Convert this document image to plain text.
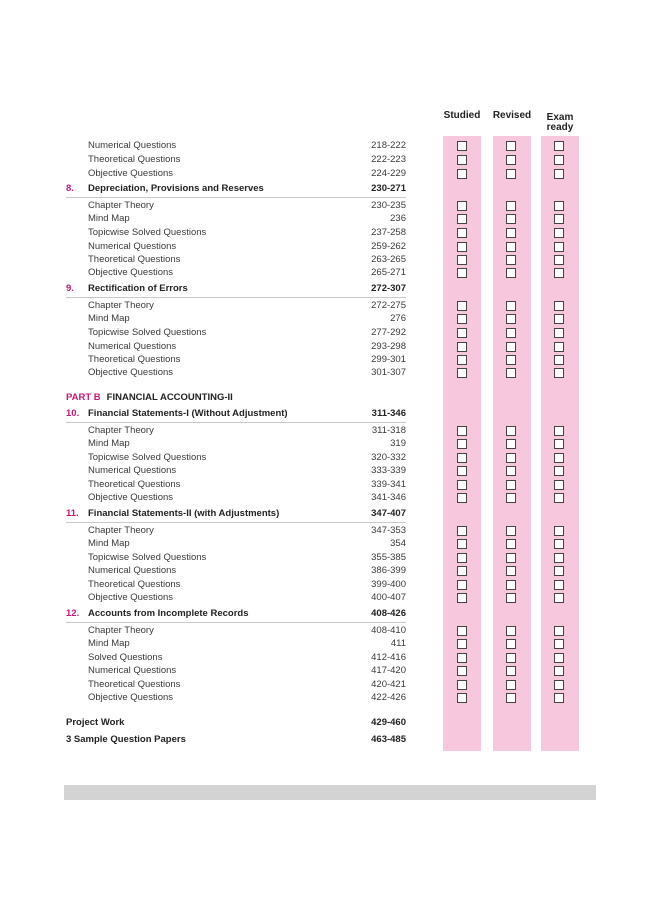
Studied Revised	Exam
ready
Numerical Questions	218-222
Theoretical Questions	222-223
Objective Questions	224-229
8. Depreciation, Provisions and Reserves	230-271
Chapter Theory	230-235
Mind Map	236
Topicwise Solved Questions	237-258
Numerical Questions	259-262
Theoretical Questions	263-265
Objective Questions	265-271
9. Rectification of Errors	272-307
Chapter Theory	272-275
Mind Map	276
Topicwise Solved Questions	277-292
Numerical Questions	293-298
Theoretical Questions	299-301
Objective Questions	301-307
PART B FINANCIAL ACCOUNTING-II
10. Financial Statements-I (Without Adjustment)	311-346
Chapter Theory	311-318
Mind Map	319
Topicwise Solved Questions	320-332
Numerical Questions	333-339
Theoretical Questions	339-341
Objective Questions	341-346
11. Financial Statements-II (with Adjustments)	347-407
Chapter Theory	347-353
Mind Map	354
Topicwise Solved Questions	355-385
Numerical Questions	386-399
Theoretical Questions	399-400
Objective Questions	400-407
12. Accounts from Incomplete Records	408-426
Chapter Theory	408-410
Mind Map	411
Solved Questions	412-416
Numerical Questions	417-420
Theoretical Questions	420-421
Objective Questions	422-426
Project Work	429-460
3 Sample Question Papers	463-485
